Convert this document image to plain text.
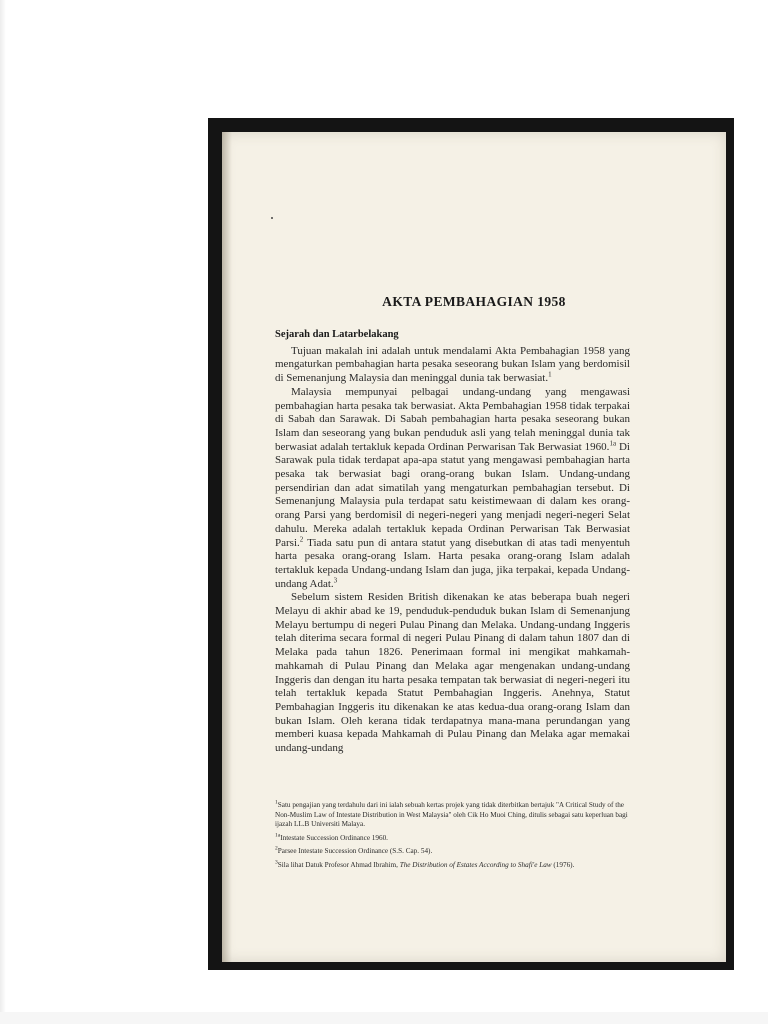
AKTA PEMBAHAGIAN 1958
Sejarah dan Latarbelakang

Tujuan makalah ini adalah untuk mendalami Akta Pembahagian 1958 yang mengaturkan pembahagian harta pesaka seseorang bukan Islam yang berdomisil di Semenanjung Malaysia dan meninggal dunia tak berwasiat.$^1$

Malaysia mempunyai pelbagai undang-undang yang mengawasi pembahagian harta pesaka tak berwasiat. Akta Pembahagian 1958 tidak terpakai di Sabah dan Sarawak. Di Sabah pembahagian harta pesaka seseorang bukan Islam dan seseorang yang bukan penduduk asli yang telah meninggal dunia tak berwasiat adalah tertakluk kepada Ordinan Perwarisan Tak Berwasiat 1960.$^{1a}$ Di Sarawak pula tidak terdapat apa-apa statut yang mengawasi pembahagian harta pesaka tak berwasiat bagi orang-orang bukan Islam. Undang-undang persendirian dan adat simatilah yang mengaturkan pembahagian tersebut. Di Semenanjung Malaysia pula terdapat satu keistimewaan di dalam kes orang-orang Parsi yang berdomisil di negeri-negeri yang menjadi negeri-negeri Selat dahulu. Mereka adalah tertakluk kepada Ordinan Perwarisan Tak Berwasiat Parsi.$^2$ Tiada satu pun di antara statut yang disebutkan di atas tadi menyentuh harta pesaka orang-orang Islam. Harta pesaka orang-orang Islam adalah tertakluk kepada Undang-undang Islam dan juga, jika terpakai, kepada Undang-undang Adat.$^3$

Sebelum sistem Residen British dikenakan ke atas beberapa buah negeri Melayu di akhir abad ke 19, penduduk-penduduk bukan Islam di Semenanjung Melayu bertumpu di negeri Pulau Pinang dan Melaka. Undang-undang Inggeris telah diterima secara formal di negeri Pulau Pinang di dalam tahun 1807 dan di Melaka pada tahun 1826. Penerimaan formal ini mengikat mahkamah-mahkamah di Pulau Pinang dan Melaka agar mengenakan undang-undang Inggeris dan dengan itu harta pesaka tempatan tak berwasiat di negeri-negeri itu telah tertakluk kepada Statut Pembahagian Inggeris. Anehnya, Statut Pembahagian Inggeris itu dikenakan ke atas kedua-dua orang-orang Islam dan bukan Islam. Oleh kerana tidak terdapatnya mana-mana perundangan yang memberi kuasa kepada Mahkamah di Pulau Pinang dan Melaka agar memakai undang-undang

$^1$Satu pengajian yang terdahulu dari ini ialah sebuah kertas projek yang tidak diterbitkan bertajuk "A Critical Study of the Non-Muslim Law of Intestate Distribution in West Malaysia" oleh Cik Ho Muoi Ching, ditulis sebagai satu keperluan bagi ijazah LL.B Universiti Malaya.

$^{1a}$Intestate Succession Ordinance 1960.

$^2$Parsee Intestate Succession Ordinance (S.S. Cap. 54).

$^3$Sila lihat Datuk Profesor Ahmad Ibrahim, The Distribution of Estates According to Shafi'e Law (1976).
